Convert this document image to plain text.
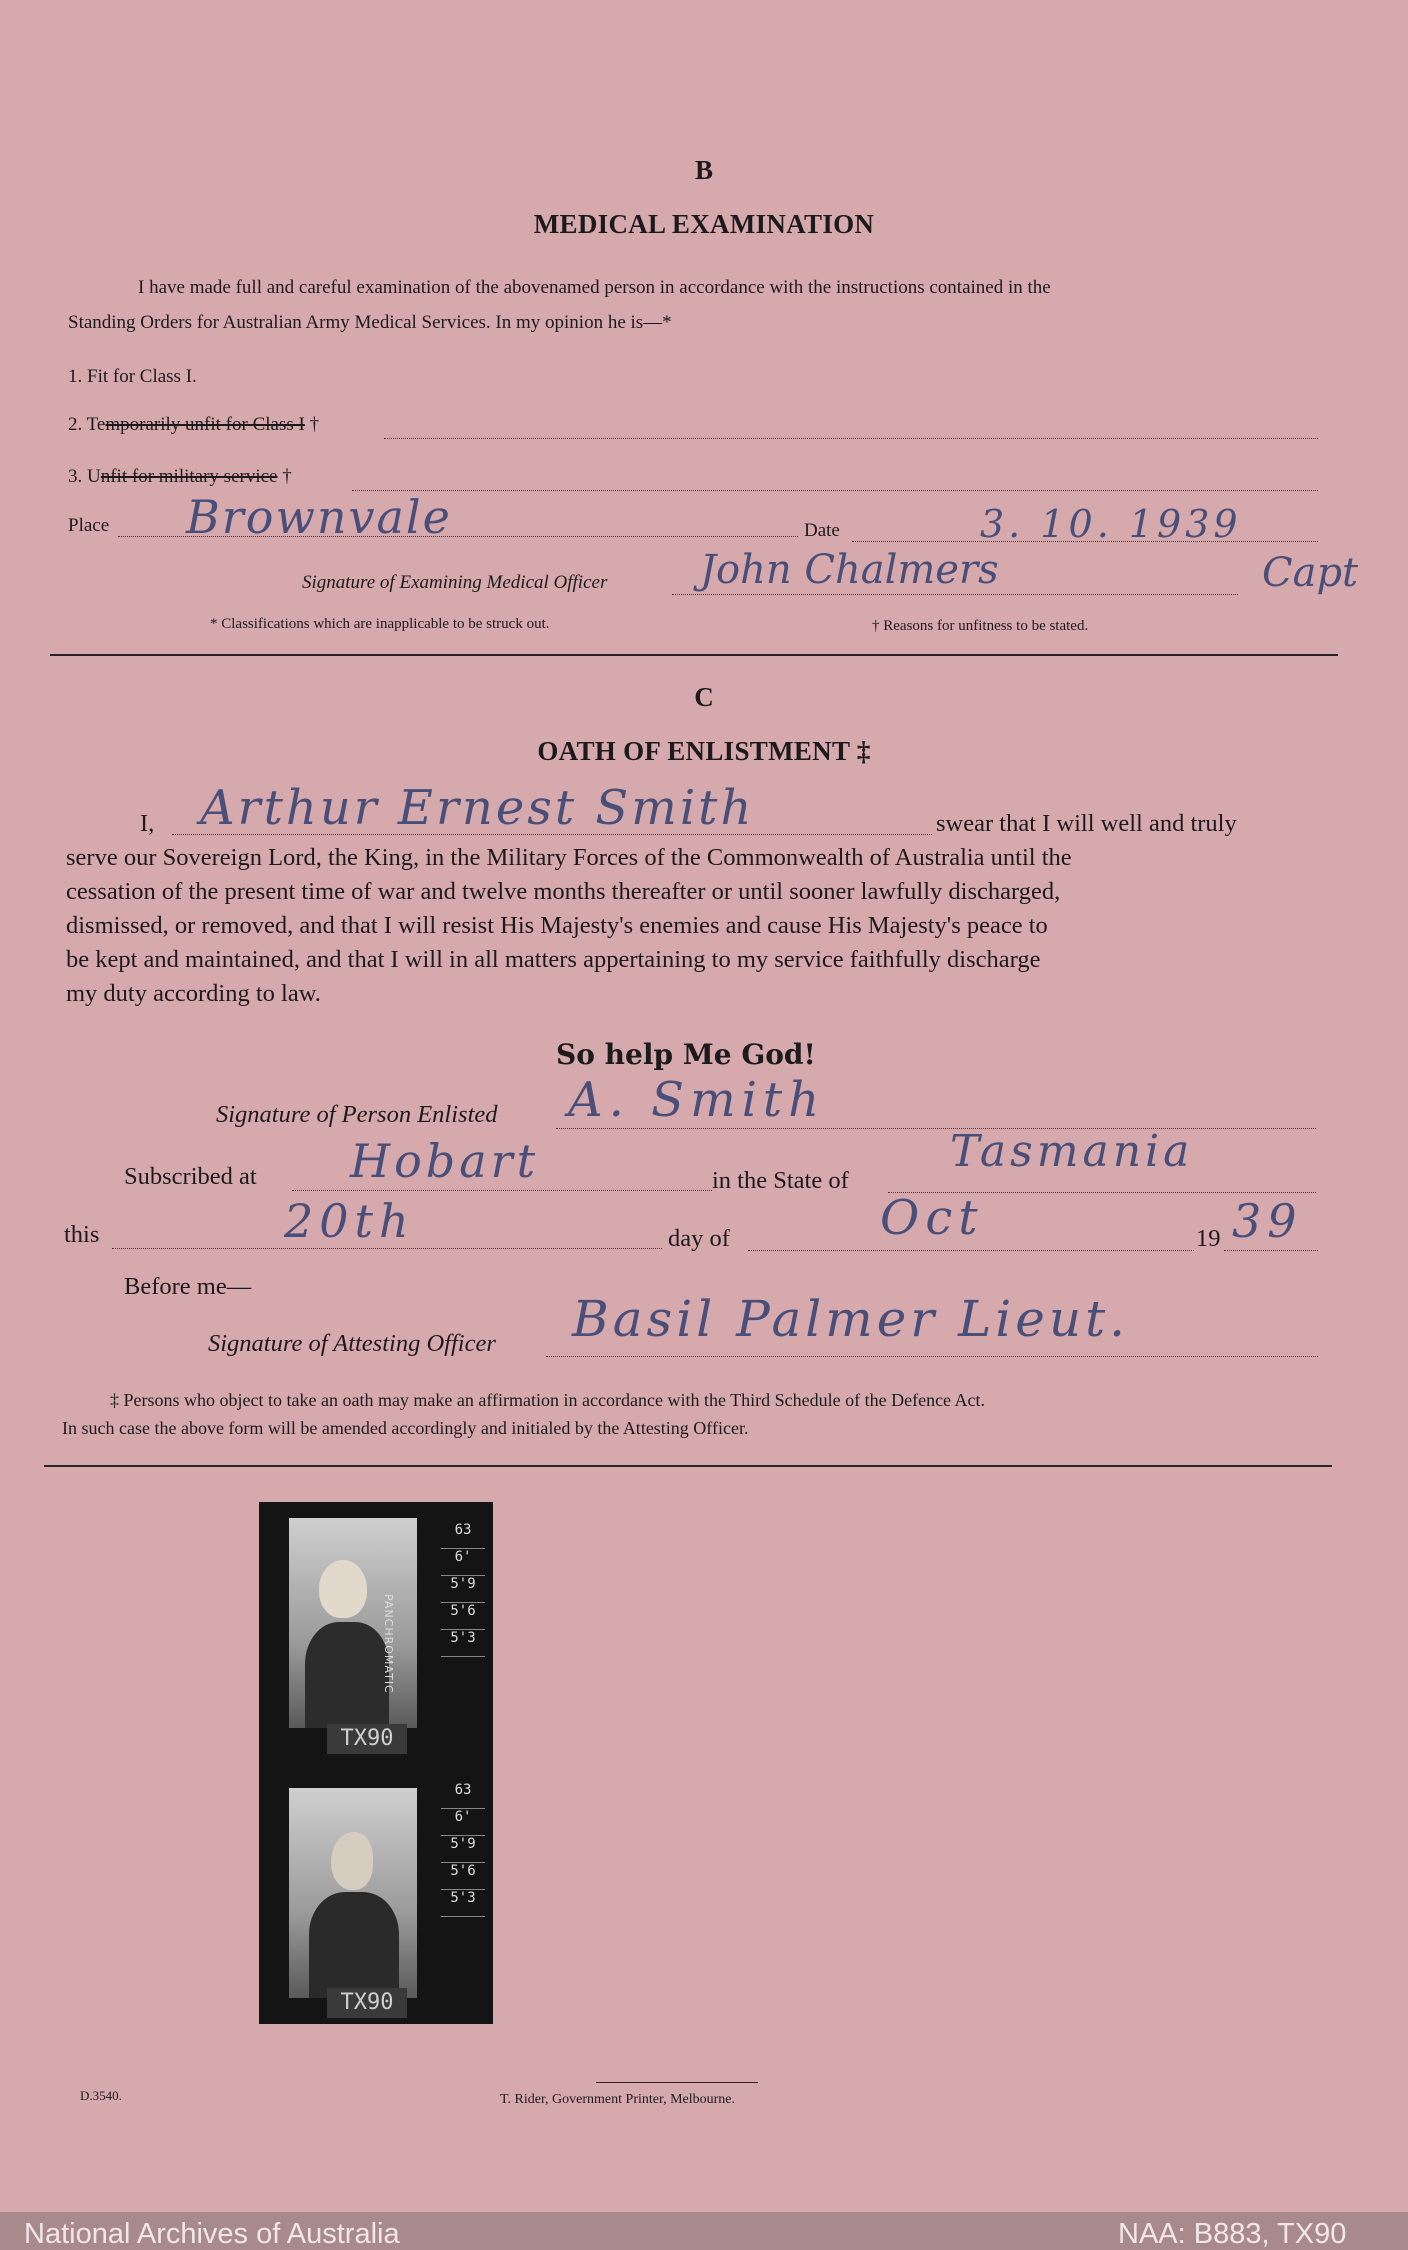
B
MEDICAL EXAMINATION
I have made full and careful examination of the abovenamed person in accordance with the instructions contained in the
Standing Orders for Australian Army Medical Services. In my opinion he is—*
1. Fit for Class I.
2. Temporarily unfit for Class I †
3. Unfit for military service †
Place Brownvale	Date	3. 10. 1939
Signature of Examining Medical Officer John Chalmers	Capt
* Classifications which are inapplicable to be struck out.	† Reasons for unfitness to be stated.
C
OATH OF ENLISTMENT ‡
I, Arthur Ernest Smith	swear that I will well and truly
serve our Sovereign Lord, the King, in the Military Forces of the Commonwealth of Australia until the
cessation of the present time of war and twelve months thereafter or until sooner lawfully discharged,
dismissed, or removed, and that I will resist His Majesty's enemies and cause His Majesty's peace to
be kept and maintained, and that I will in all matters appertaining to my service faithfully discharge
my duty according to law.
So help Me God!
Signature of Person Enlisted A. Smith
Subscribed at Hobart	in the State of
Tasmania
this	20th	day of	Oct	19 39
Before me—
Signature of Attesting Officer Basil Palmer Lieut.
‡ Persons who object to take an oath may make an affirmation in accordance with the Third Schedule of the Defence Act.
In such case the above form will be amended accordingly and initialed by the Attesting Officer.
63
6'
5'9
5'6
5'3
PANCHROMATIC
TX90
63
6'
5'9
5'6
5'3
TX90
D.3540.	T. Rider, Government Printer, Melbourne.
National Archives of Australia	NAA: B883, TX90
